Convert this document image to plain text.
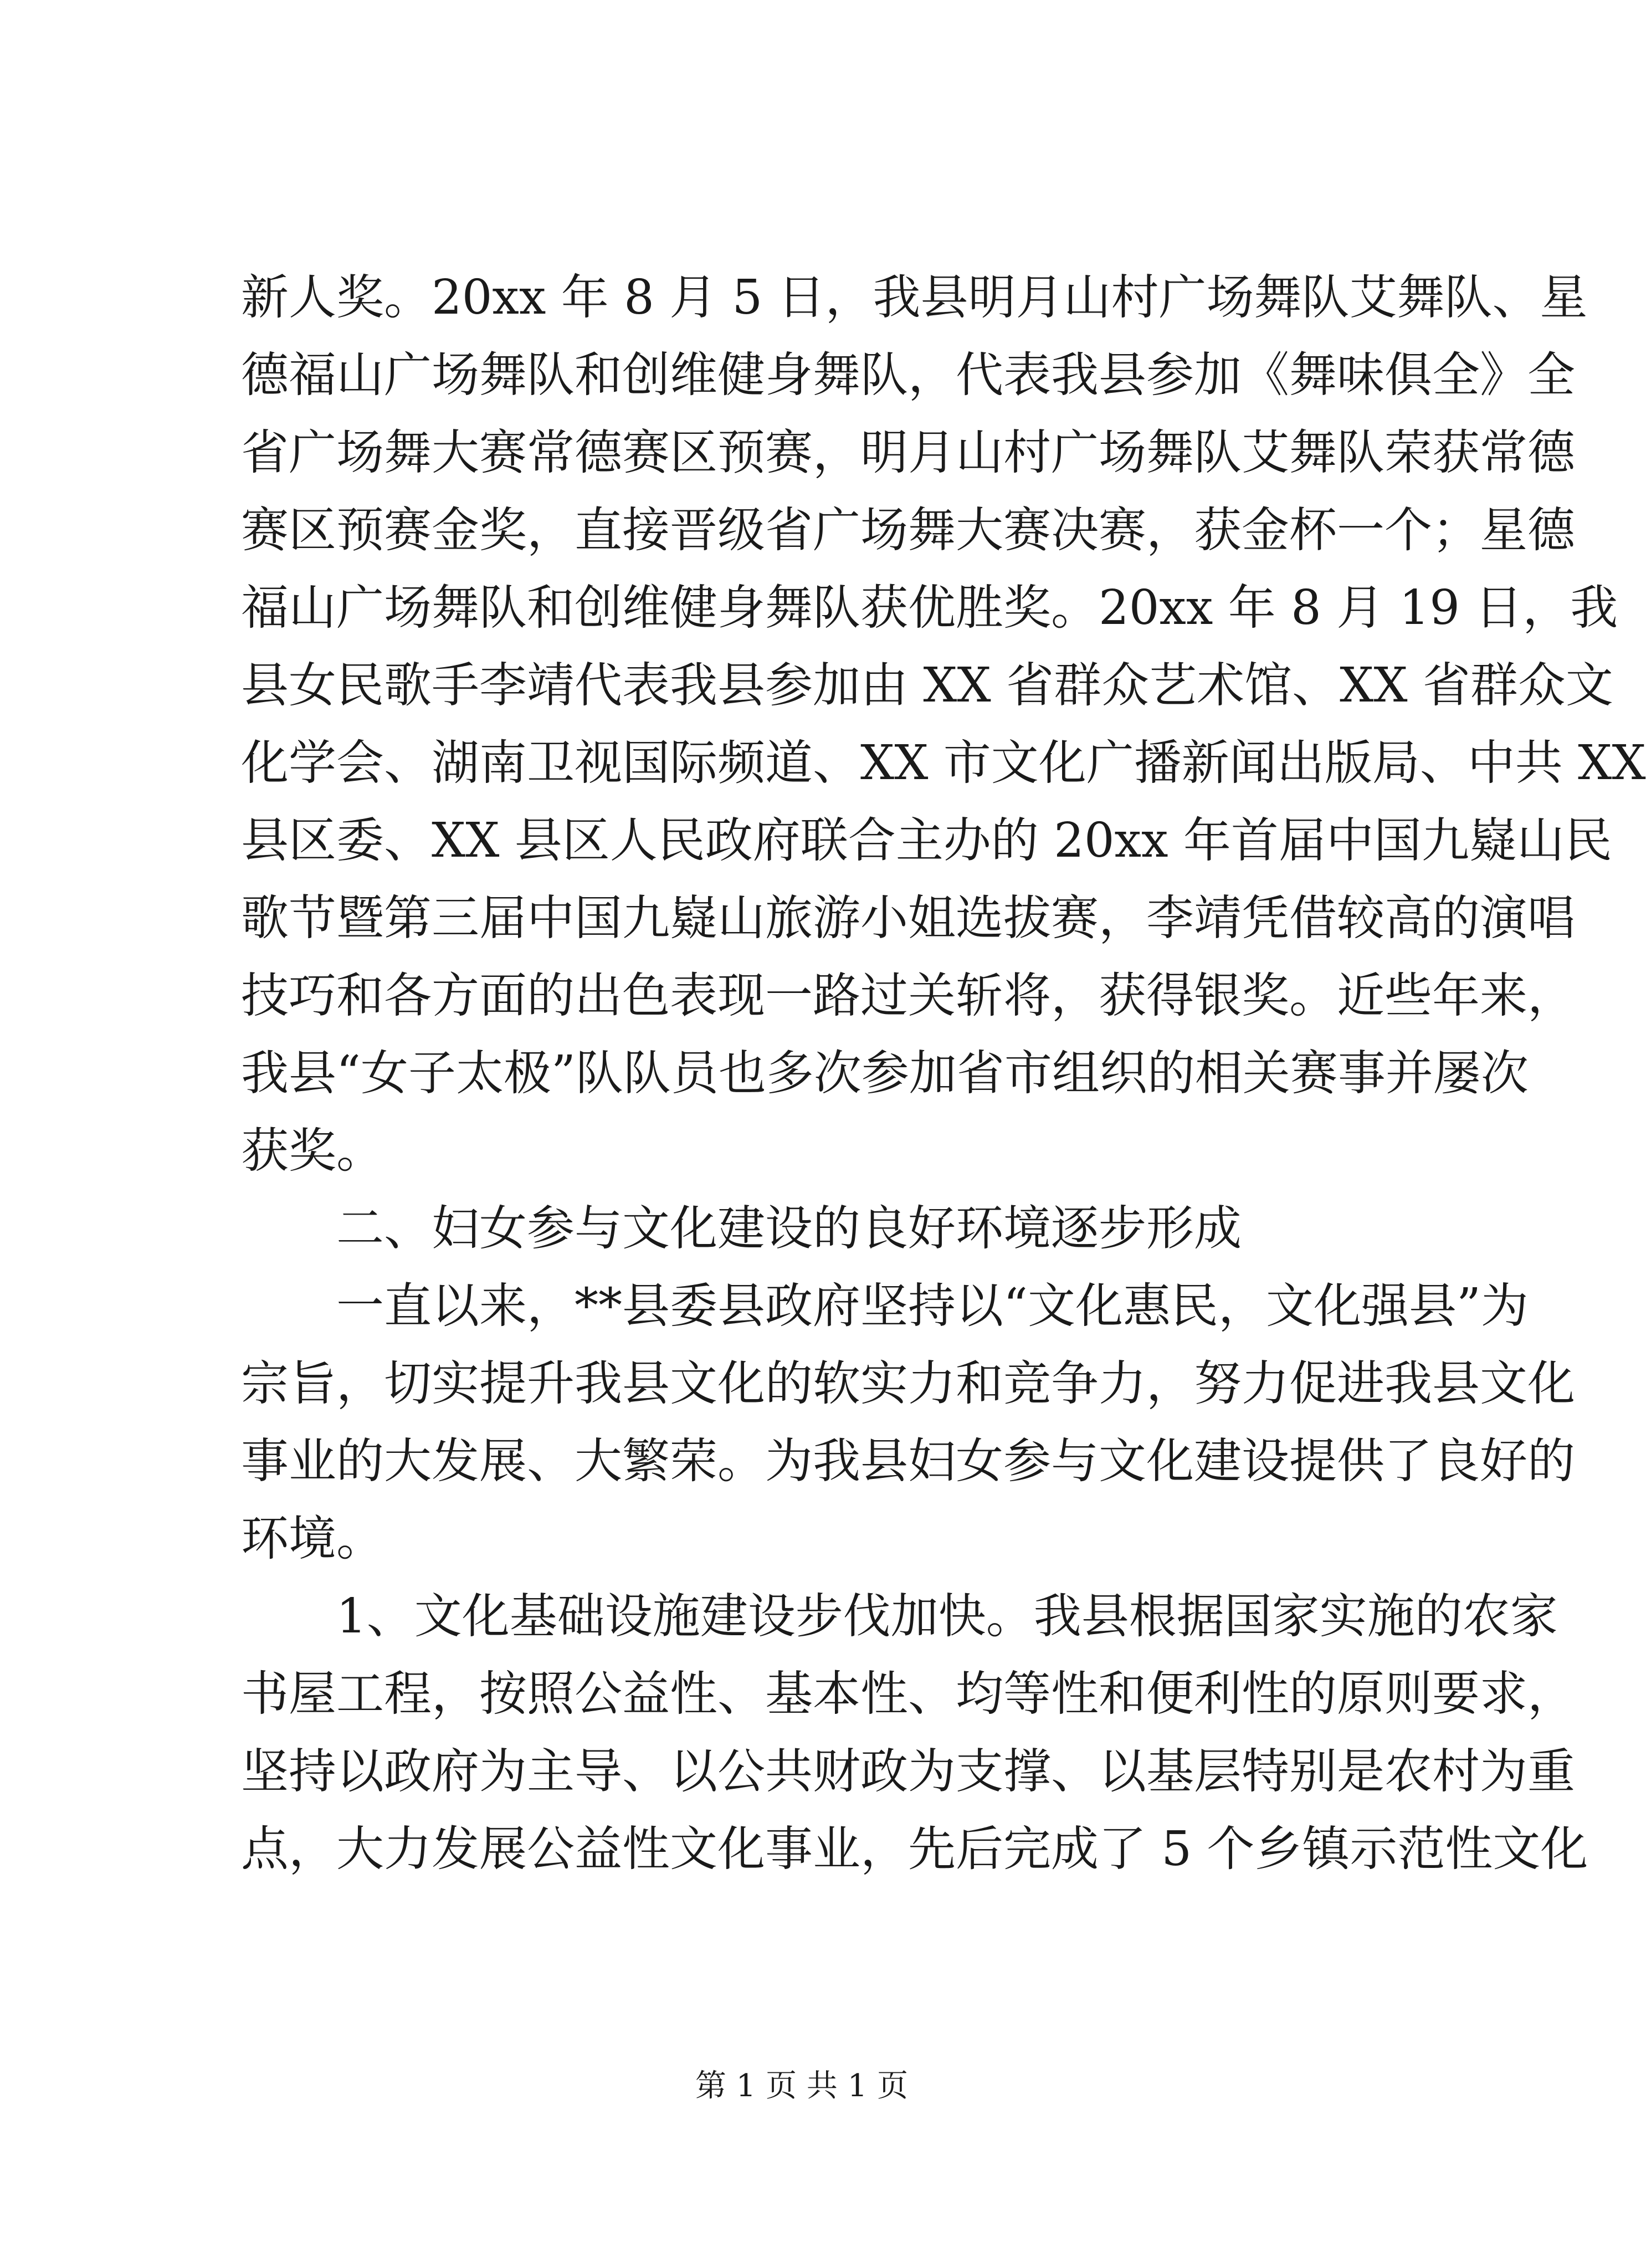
新人奖。20xx 年 8 月 5 日，我县明月山村广场舞队艾舞队、星
德福山广场舞队和创维健身舞队，代表我县参加《舞味俱全》全
省广场舞大赛常德赛区预赛，明月山村广场舞队艾舞队荣获常德
赛区预赛金奖，直接晋级省广场舞大赛决赛，获金杯一个；星德
福山广场舞队和创维健身舞队获优胜奖。20xx 年 8 月 19 日，我
县女民歌手李靖代表我县参加由 XX 省群众艺术馆、XX 省群众文
化学会、湖南卫视国际频道、XX 市文化广播新闻出版局、中共 XX
县区委、XX 县区人民政府联合主办的 20xx 年首届中国九嶷山民
歌节暨第三届中国九嶷山旅游小姐选拔赛，李靖凭借较高的演唱
技巧和各方面的出色表现一路过关斩将，获得银奖。近些年来，
我县“女子太极”队队员也多次参加省市组织的相关赛事并屡次
获奖。
二、妇女参与文化建设的良好环境逐步形成
一直以来，**县委县政府坚持以“文化惠民，文化强县”为
宗旨，切实提升我县文化的软实力和竞争力，努力促进我县文化
事业的大发展、大繁荣。为我县妇女参与文化建设提供了良好的
环境。
1、文化基础设施建设步伐加快。我县根据国家实施的农家
书屋工程，按照公益性、基本性、均等性和便利性的原则要求，
坚持以政府为主导、以公共财政为支撑、以基层特别是农村为重
点，大力发展公益性文化事业，先后完成了 5 个乡镇示范性文化
第 1 页 共 1 页
